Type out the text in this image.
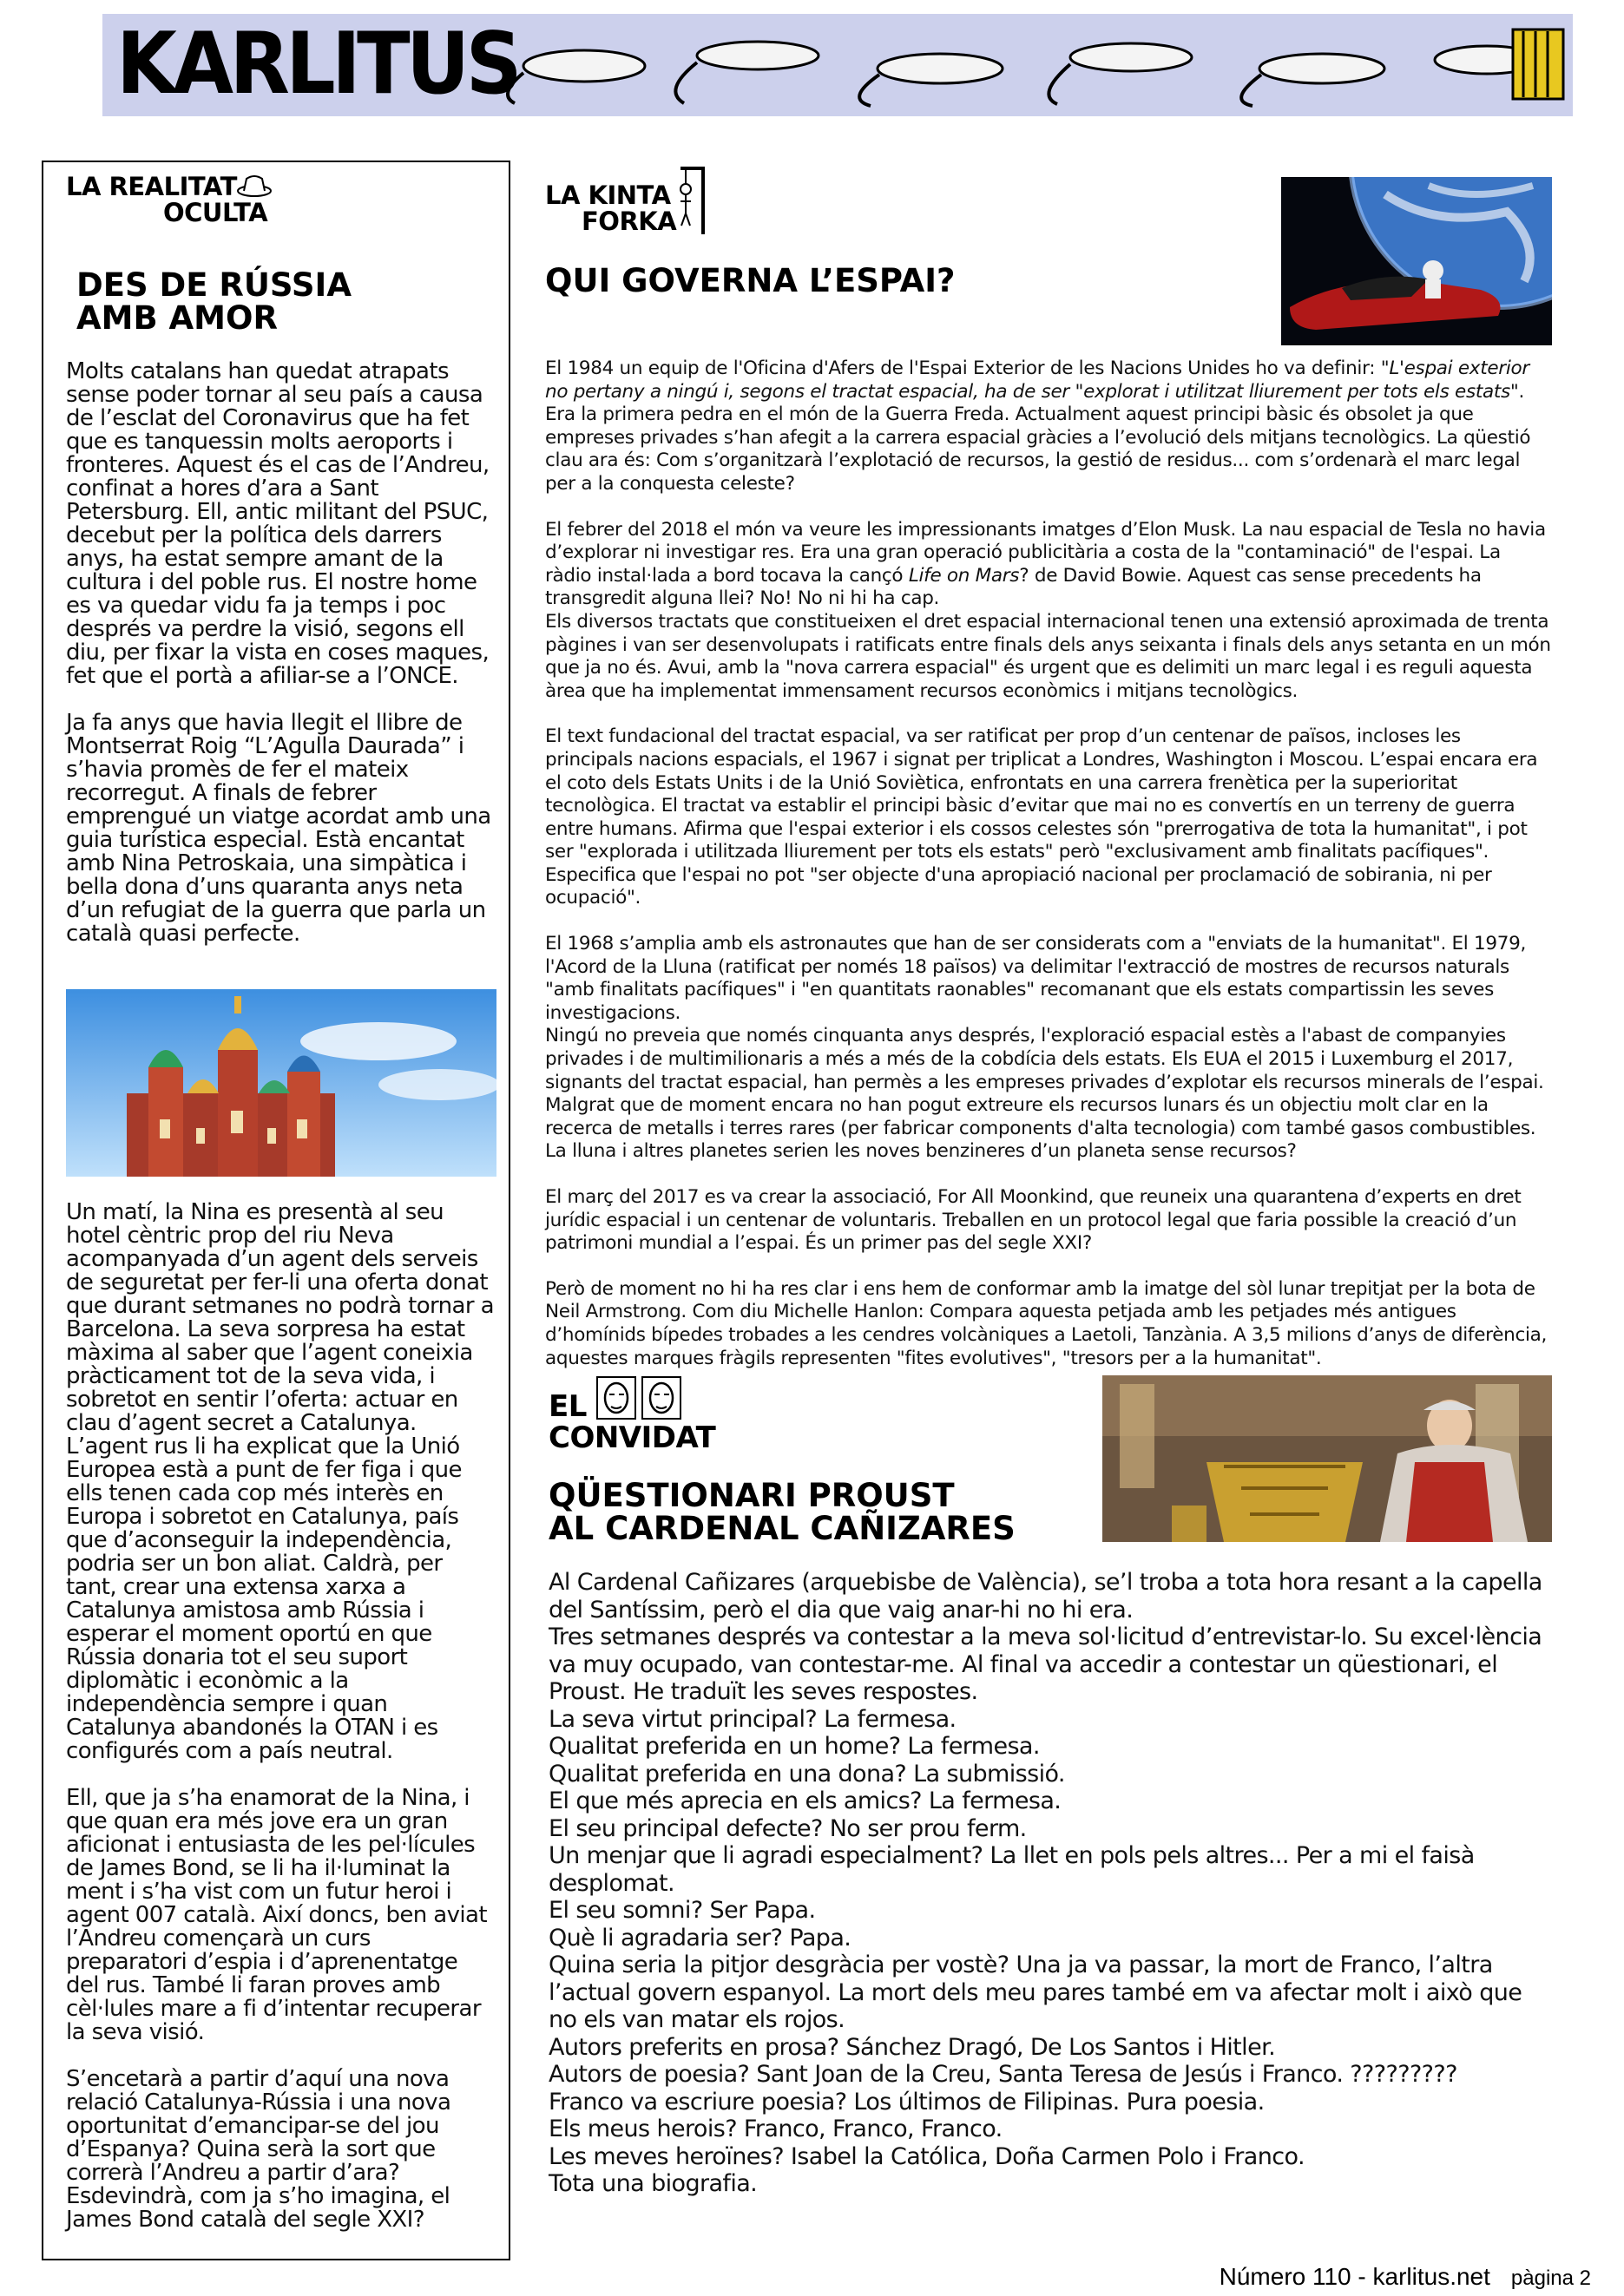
KARLITUS
LA REALITAT
OCULTA
DES DE RÚSSIA
AMB AMOR

Molts catalans han quedat atrapats sense poder tornar al seu país a causa de l’esclat del Coronavirus que ha fet que es tanquessin molts aeroports i fronteres. Aquest és el cas de l’Andreu, confinat a hores d’ara a Sant Petersburg. Ell, antic militant del PSUC, decebut per la política dels darrers anys, ha estat sempre amant de la cultura i del poble rus. El nostre home es va quedar vidu fa ja temps i poc després va perdre la visió, segons ell diu, per fixar la vista en coses maques, fet que el portà a afiliar-se a l’ONCE.

Ja fa anys que havia llegit el llibre de Montserrat Roig “L’Agulla Daurada” i s’havia promès de fer el mateix recorregut. A finals de febrer emprengué un viatge acordat amb una guia turística especial. Està encantat amb Nina Petroskaia, una simpàtica i bella dona d’uns quaranta anys neta d’un refugiat de la guerra que parla un català quasi perfecte.

Un matí, la Nina es presentà al seu hotel cèntric prop del riu Neva acompanyada d’un agent dels serveis de seguretat per fer-li una oferta donat que durant setmanes no podrà tornar a Barcelona. La seva sorpresa ha estat màxima al saber que l’agent coneixia pràcticament tot de la seva vida, i sobretot en sentir l’oferta: actuar en clau d’agent secret a Catalunya. L’agent rus li ha explicat que la Unió Europea està a punt de fer figa i que ells tenen cada cop més interès en Europa i sobretot en Catalunya, país que d’aconseguir la independència, podria ser un bon aliat. Caldrà, per tant, crear una extensa xarxa a Catalunya amistosa amb Rússia i esperar el moment oportú en que Rússia donaria tot el seu suport diplomàtic i econòmic a la independència sempre i quan Catalunya abandonés la OTAN i es configurés com a país neutral.

Ell, que ja s’ha enamorat de la Nina, i que quan era més jove era un gran aficionat i entusiasta de les pel·lícules de James Bond, se li ha il·luminat la ment i s’ha vist com un futur heroi i agent 007 català. Així doncs, ben aviat l’Andreu començarà un curs preparatori d’espia i d’aprenentatge del rus. També li faran proves amb cèl·lules mare a fi d’intentar recuperar la seva visió.

S’encetarà a partir d’aquí una nova relació Catalunya-Rússia i una nova oportunitat d’emancipar-se del jou d’Espanya? Quina serà la sort que correrà l’Andreu a partir d’ara? Esdevindrà, com ja s’ho imagina, el James Bond català del segle XXI?

LA KINTA
FORKA
QUI GOVERNA L’ESPAI?

El 1984 un equip de l'Oficina d'Afers de l'Espai Exterior de les Nacions Unides ho va definir: "L'espai exterior no pertany a ningú i, segons el tractat espacial, ha de ser "explorat i utilitzat lliurement per tots els estats". Era la primera pedra en el món de la Guerra Freda. Actualment aquest principi bàsic és obsolet ja que empreses privades s’han afegit a la carrera espacial gràcies a l’evolució dels mitjans tecnològics. La qüestió clau ara és: Com s’organitzarà l’explotació de recursos, la gestió de residus... com s’ordenarà el marc legal per a la conquesta celeste?

El febrer del 2018 el món va veure les impressionants imatges d’Elon Musk. La nau espacial de Tesla no havia d’explorar ni investigar res. Era una gran operació publicitària a costa de la "contaminació" de l'espai. La ràdio instal·lada a bord tocava la cançó Life on Mars? de David Bowie. Aquest cas sense precedents ha transgredit alguna llei? No! No ni hi ha cap.

Els diversos tractats que constitueixen el dret espacial internacional tenen una extensió aproximada de trenta pàgines i van ser desenvolupats i ratificats entre finals dels anys seixanta i finals dels anys setanta en un món que ja no és. Avui, amb la "nova carrera espacial" és urgent que es delimiti un marc legal i es reguli aquesta àrea que ha implementat immensament recursos econòmics i mitjans tecnològics.

El text fundacional del tractat espacial, va ser ratificat per prop d’un centenar de països, incloses les principals nacions espacials, el 1967 i signat per triplicat a Londres, Washington i Moscou. L’espai encara era el coto dels Estats Units i de la Unió Soviètica, enfrontats en una carrera frenètica per la superioritat tecnològica. El tractat va establir el principi bàsic d’evitar que mai no es convertís en un terreny de guerra entre humans. Afirma que l'espai exterior i els cossos celestes són "prerrogativa de tota la humanitat", i pot ser "explorada i utilitzada lliurement per tots els estats" però "exclusivament amb finalitats pacífiques". Especifica que l'espai no pot "ser objecte d'una apropiació nacional per proclamació de sobirania, ni per ocupació".

El 1968 s’amplia amb els astronautes que han de ser considerats com a "enviats de la humanitat". El 1979, l'Acord de la Lluna (ratificat per només 18 països) va delimitar l'extracció de mostres de recursos naturals "amb finalitats pacífiques" i "en quantitats raonables" recomanant que els estats compartissin les seves investigacions.

Ningú no preveia que només cinquanta anys després, l'exploració espacial estès a l'abast de companyies privades i de multimilionaris a més a més de la cobdícia dels estats. Els EUA el 2015 i Luxemburg el 2017, signants del tractat espacial, han permès a les empreses privades d’explotar els recursos minerals de l’espai. Malgrat que de moment encara no han pogut extreure els recursos lunars és un objectiu molt clar en la recerca de metalls i terres rares (per fabricar components d'alta tecnologia) com també gasos combustibles. La lluna i altres planetes serien les noves benzineres d’un planeta sense recursos?

El març del 2017 es va crear la associació, For All Moonkind, que reuneix una quarantena d’experts en dret jurídic espacial i un centenar de voluntaris. Treballen en un protocol legal que faria possible la creació d’un patrimoni mundial a l’espai. És un primer pas del segle XXI?

Però de moment no hi ha res clar i ens hem de conformar amb la imatge del sòl lunar trepitjat per la bota de Neil Armstrong. Com diu Michelle Hanlon: Compara aquesta petjada amb les petjades més antigues d’homínids bípedes trobades a les cendres volcàniques a Laetoli, Tanzània. A 3,5 milions d’anys de diferència, aquestes marques fràgils representen "fites evolutives", "tresors per a la humanitat".

EL
CONVIDAT
QÜESTIONARI PROUST
AL CARDENAL CAÑIZARES

Al Cardenal Cañizares (arquebisbe de València), se’l troba a tota hora resant a la capella del Santíssim, però el dia que vaig anar-hi no hi era.

Tres setmanes després va contestar a la meva sol·licitud d’entrevistar-lo. Su excel·lència va muy ocupado, van contestar-me. Al final va accedir a contestar un qüestionari, el Proust. He traduït les seves respostes.

La seva virtut principal? La fermesa.

Qualitat preferida en un home? La fermesa.

Qualitat preferida en una dona? La submissió.

El que més aprecia en els amics? La fermesa.

El seu principal defecte? No ser prou ferm.

Un menjar que li agradi especialment? La llet en pols pels altres... Per a mi el faisà desplomat.

El seu somni? Ser Papa.

Què li agradaria ser? Papa.

Quina seria la pitjor desgràcia per vostè? Una ja va passar, la mort de Franco, l’altra l’actual govern espanyol. La mort dels meu pares també em va afectar molt i això que no els van matar els rojos.

Autors preferits en prosa? Sánchez Dragó, De Los Santos i Hitler.

Autors de poesia? Sant Joan de la Creu, Santa Teresa de Jesús i Franco. ?????????

Franco va escriure poesia? Los últimos de Filipinas. Pura poesia.

Els meus herois? Franco, Franco, Franco.

Les meves heroïnes? Isabel la Católica, Doña Carmen Polo i Franco.

Tota una biografia.

Número 110 - karlitus.net pàgina 2
